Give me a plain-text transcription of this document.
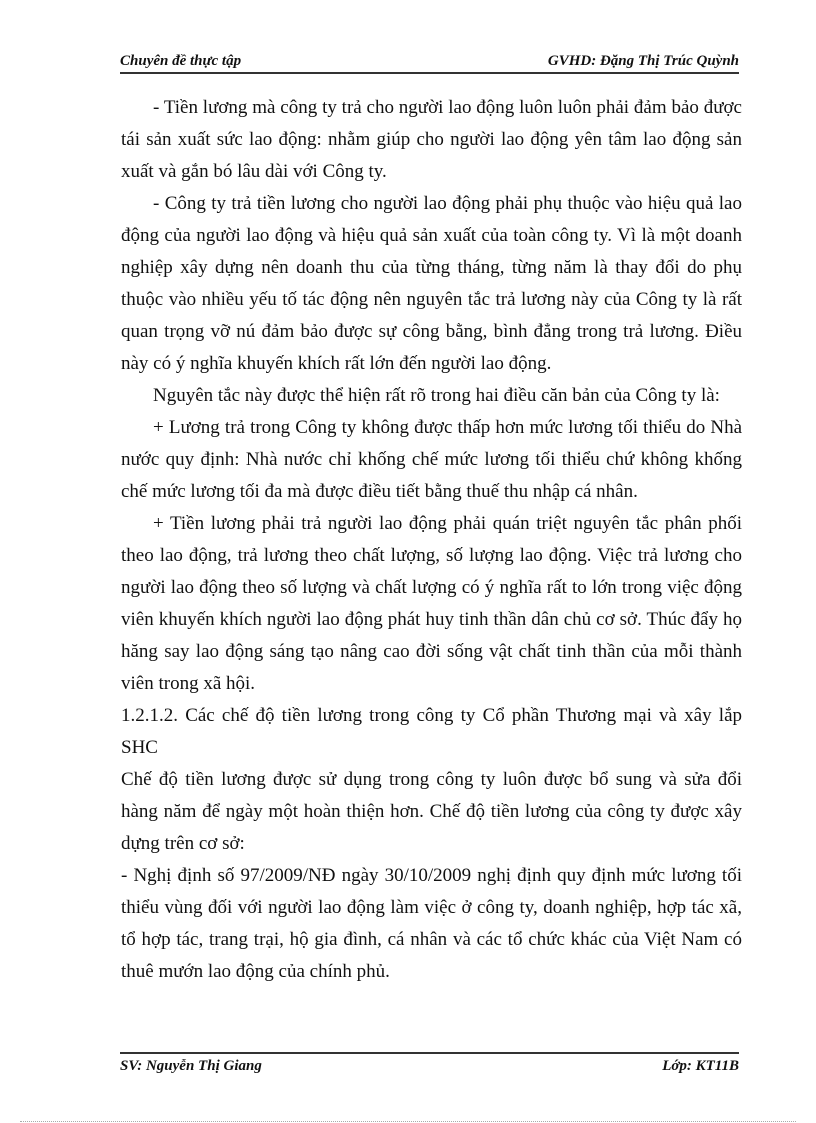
Chuyên đề thực tập	GVHD: Đặng Thị Trúc Quỳnh

- Tiền lương mà công ty trả cho người lao động luôn luôn phải đảm bảo được tái sản xuất sức lao động: nhằm giúp cho người lao động yên tâm lao động sản xuất và gắn bó lâu dài với Công ty.

- Công ty trả tiền lương cho người lao động phải phụ thuộc vào hiệu quả lao động của người lao động và hiệu quả sản xuất của toàn công ty. Vì là một doanh nghiệp xây dựng nên doanh thu của từng tháng, từng năm là thay đổi do phụ thuộc vào nhiều yếu tố tác động nên nguyên tắc trả lương này của Công ty là rất quan trọng vỡ nú đảm bảo được sự công bằng, bình đẳng trong trả lương. Điều này có ý nghĩa khuyến khích rất lớn đến người lao động.

Nguyên tắc này được thể hiện rất rõ trong hai điều căn bản của Công ty là:

+ Lương trả trong Công ty không được thấp hơn mức lương tối thiểu do Nhà nước quy định: Nhà nước chỉ khống chế mức lương tối thiểu chứ không khống chế mức lương tối đa mà được điều tiết bằng thuế thu nhập cá nhân.

+ Tiền lương phải trả người lao động phải quán triệt nguyên tắc phân phối theo lao động, trả lương theo chất lượng, số lượng lao động. Việc trả lương cho người lao động theo số lượng và chất lượng có ý nghĩa rất to lớn trong việc động viên khuyến khích người lao động phát huy tinh thần dân chủ cơ sở. Thúc đẩy họ hăng say lao động sáng tạo nâng cao đời sống vật chất tinh thần của mỗi thành viên trong xã hội.

1.2.1.2. Các chế độ tiền lương trong công ty Cổ phần Thương mại và xây lắp SHC

Chế độ tiền lương được sử dụng trong công ty luôn được bổ sung và sửa đổi hàng năm để ngày một hoàn thiện hơn. Chế độ tiền lương của công ty được xây dựng trên cơ sở:

- Nghị định số 97/2009/NĐ ngày 30/10/2009 nghị định quy định mức lương tối thiểu vùng đối với người lao động làm việc ở công ty, doanh nghiệp, hợp tác xã, tổ hợp tác, trang trại, hộ gia đình, cá nhân và các tổ chức khác của Việt Nam có thuê mướn lao động của chính phủ.

SV: Nguyễn Thị Giang	Lớp: KT11B
